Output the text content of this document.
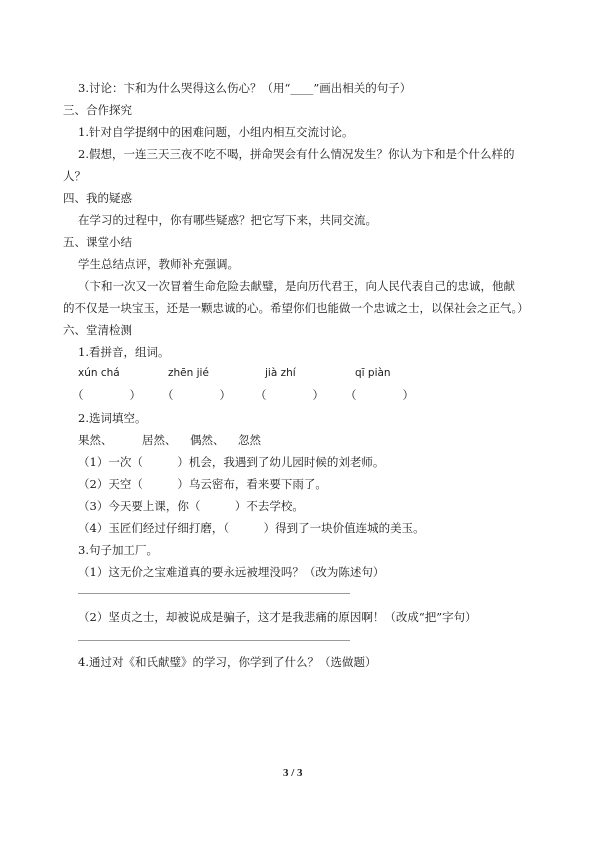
3.讨论：卞和为什么哭得这么伤心？（用“____”画出相关的句子）
三、合作探究
1.针对自学提纲中的困难问题，小组内相互交流讨论。
2.假想，一连三天三夜不吃不喝，拼命哭会有什么情况发生？你认为卞和是个什么样的
人？
四、我的疑惑
在学习的过程中，你有哪些疑惑？把它写下来，共同交流。
五、课堂小结
学生总结点评，教师补充强调。
（卞和一次又一次冒着生命危险去献璧，是向历代君王，向人民代表自己的忠诚，他献
的不仅是一块宝玉，还是一颗忠诚的心。希望你们也能做一个忠诚之士，以保社会之正气。）
六、堂清检测
1.看拼音，组词。
xún chá	zhēn jié	jià zhí	qī piàn
（　　　　） （　　　　） （　　　　） （　　　　）
2.选词填空。
果然、	居然、 偶然、 忽然
（1）一次（　　　）机会，我遇到了幼儿园时候的刘老师。
（2）天空（　　　）乌云密布，看来要下雨了。
（3）今天要上课，你（　　　）不去学校。
（4）玉匠们经过仔细打磨，（　　　）得到了一块价值连城的美玉。
3.句子加工厂。
（1）这无价之宝难道真的要永远被埋没吗？（改为陈述句）
（2）坚贞之士，却被说成是骗子，这才是我悲痛的原因啊！（改成“把”字句）
4.通过对《和氏献璧》的学习，你学到了什么？（选做题）
3 / 3
